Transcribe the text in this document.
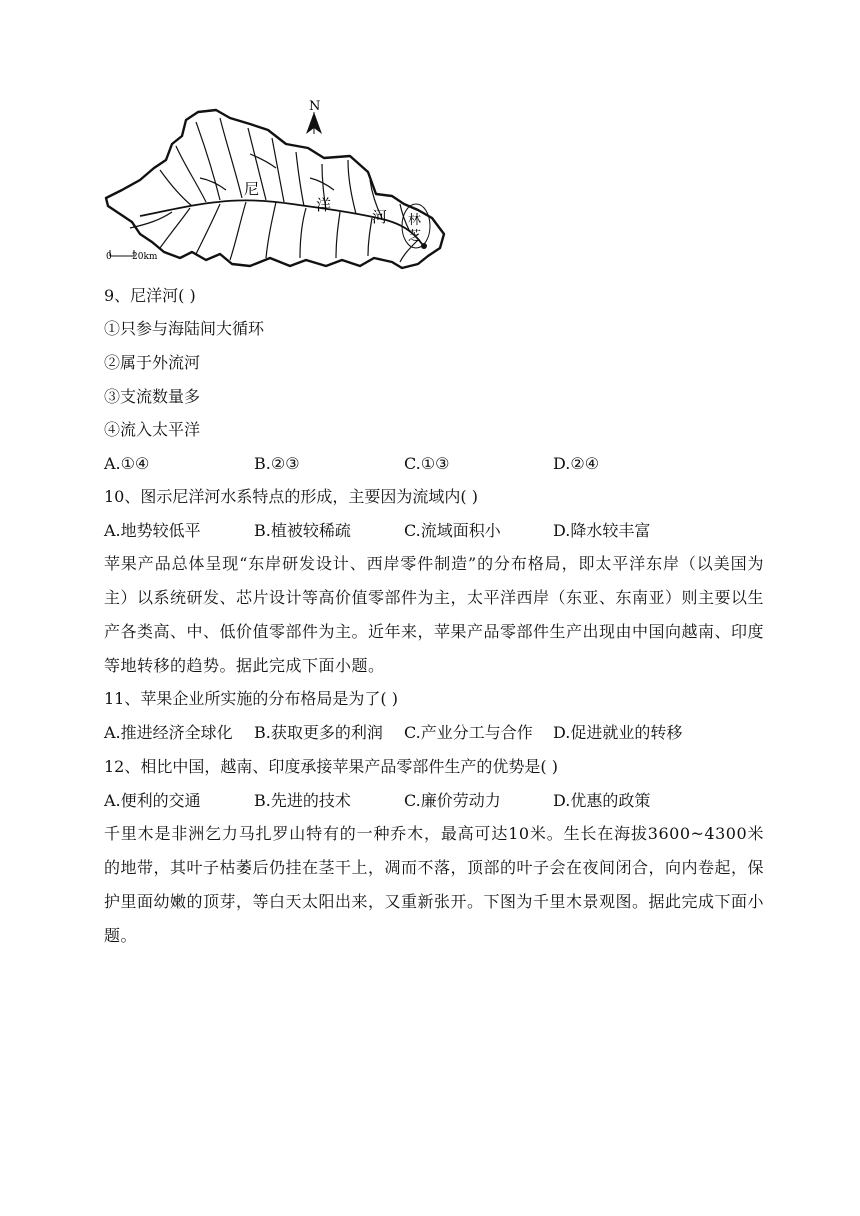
N
尼
洋
河 林
芝
0 20km
9、尼洋河( )
①只参与海陆间大循环
②属于外流河
③支流数量多
④流入太平洋
A.①④	B.②③	C.①③	D.②④
10、图示尼洋河水系特点的形成，主要因为流域内( )
A.地势较低平	B.植被较稀疏	C.流域面积小	D.降水较丰富
苹果产品总体呈现“东岸研发设计、西岸零件制造”的分布格局，即太平洋东岸（以美国为主）以系统研发、芯片设计等高价值零部件为主，太平洋西岸（东亚、东南亚）则主要以生产各类高、中、低价值零部件为主。近年来，苹果产品零部件生产出现由中国向越南、印度等地转移的趋势。据此完成下面小题。
11、苹果企业所实施的分布格局是为了( )
A.推进经济全球化 B.获取更多的利润 C.产业分工与合作 D.促进就业的转移
12、相比中国，越南、印度承接苹果产品零部件生产的优势是( )
A.便利的交通	B.先进的技术	C.廉价劳动力	D.优惠的政策
千里木是非洲乞力马扎罗山特有的一种乔木，最高可达10米。生长在海拔3600~4300米的地带，其叶子枯萎后仍挂在茎干上，凋而不落，顶部的叶子会在夜间闭合，向内卷起，保护里面幼嫩的顶芽，等白天太阳出来，又重新张开。下图为千里木景观图。据此完成下面小题。
